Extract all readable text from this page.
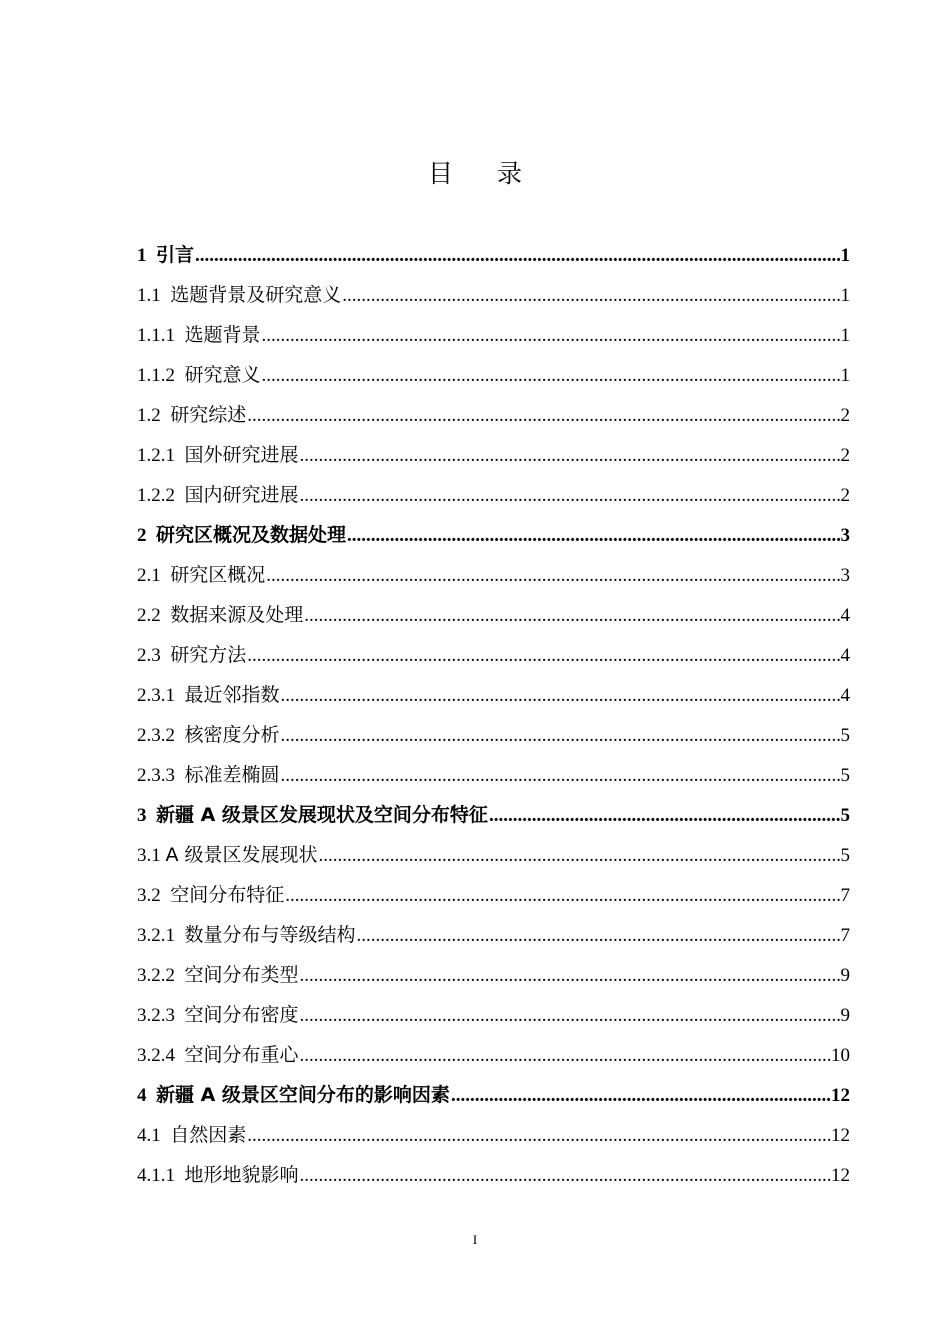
目录
1 引言 .....	1
1.1 选题背景及研究意义 .....	1
1.1.1 选题背景 .....	1
1.1.2 研究意义 .....	1
1.2 研究综述 .....	2
1.2.1 国外研究进展 .....	2
1.2.2 国内研究进展 .....	2
2 研究区概况及数据处理 .....	3
2.1 研究区概况 .....	3
2.2 数据来源及处理 .....	4
2.3 研究方法 .....	4
2.3.1 最近邻指数 .....	4
2.3.2 核密度分析 .....	5
2.3.3 标准差椭圆 .....	5
3 新疆 A 级景区发展现状及空间分布特征 .....	5
3.1 A 级景区发展现状 .....	5
3.2 空间分布特征 .....	7
3.2.1 数量分布与等级结构 .....	7
3.2.2 空间分布类型 .....	9
3.2.3 空间分布密度 .....	9
3.2.4 空间分布重心 .....	10
4 新疆 A 级景区空间分布的影响因素 .....	12
4.1 自然因素 .....	12
4.1.1 地形地貌影响 .....	12
I
